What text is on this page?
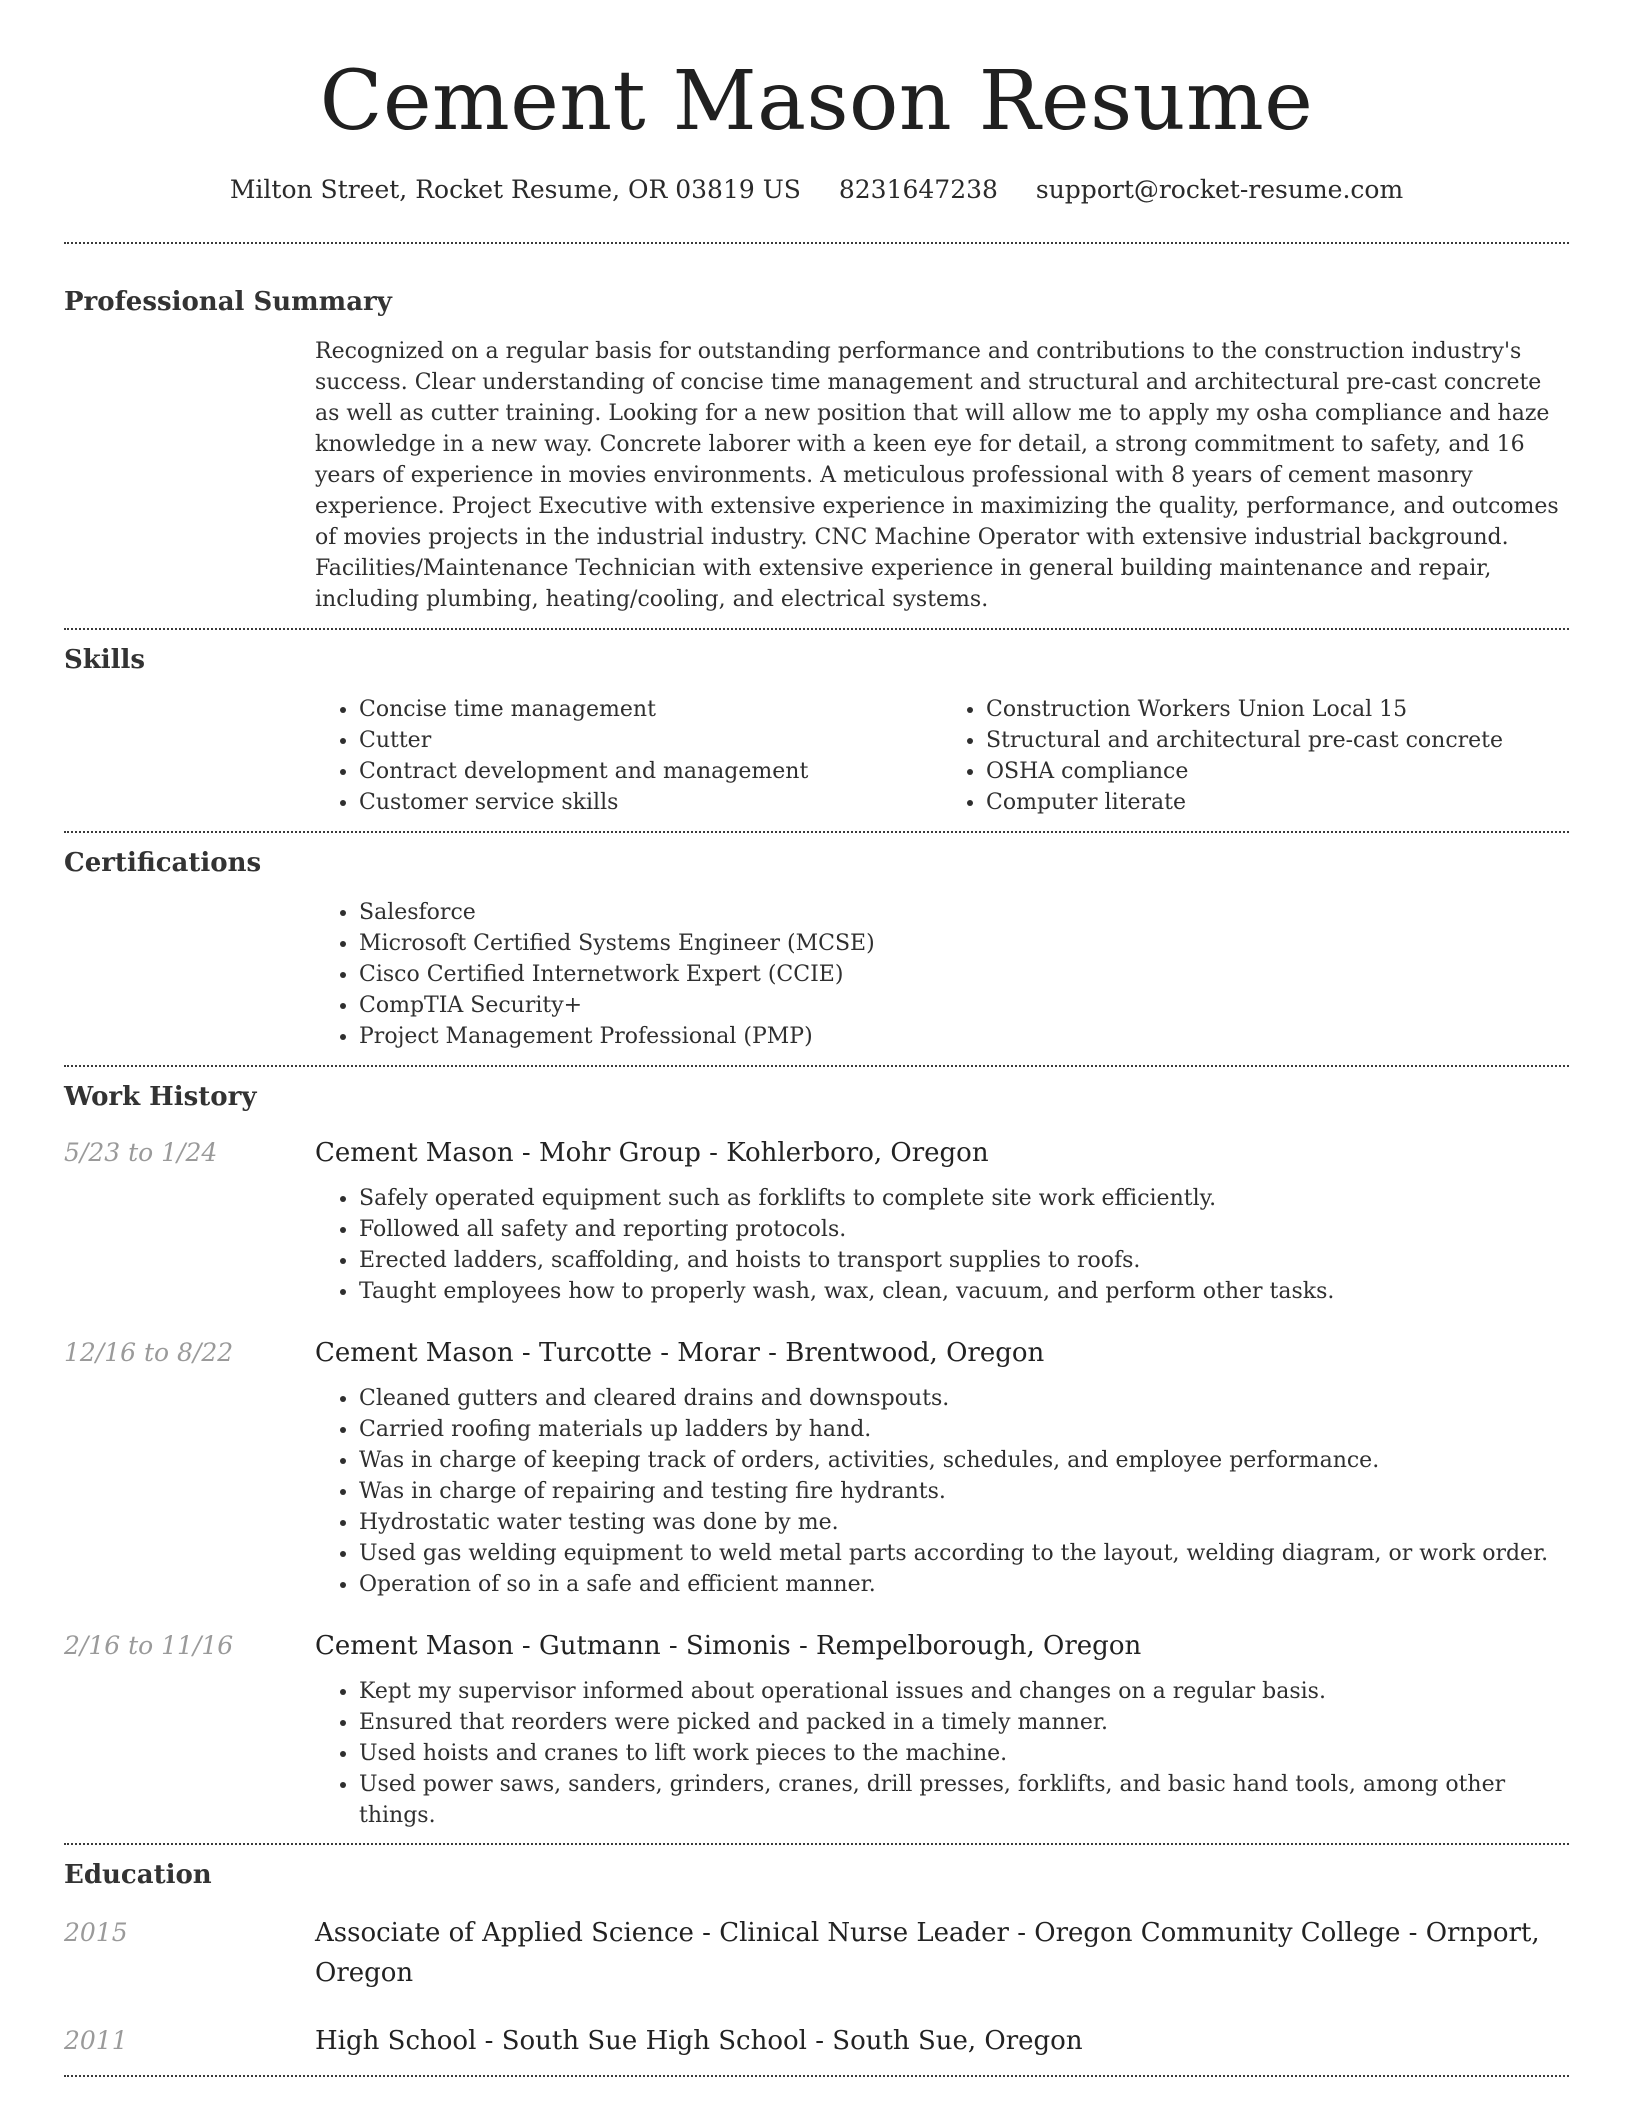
Cement Mason Resume
Milton Street, Rocket Resume, OR 03819 US 8231647238 support@rocket-resume.com
Professional Summary

Recognized on a regular basis for outstanding performance and contributions to the construction industry's success. Clear understanding of concise time management and structural and architectural pre-cast concrete as well as cutter training. Looking for a new position that will allow me to apply my osha compliance and haze knowledge in a new way. Concrete laborer with a keen eye for detail, a strong commitment to safety, and 16 years of experience in movies environments. A meticulous professional with 8 years of cement masonry experience. Project Executive with extensive experience in maximizing the quality, performance, and outcomes of movies projects in the industrial industry. CNC Machine Operator with extensive industrial background. Facilities/Maintenance Technician with extensive experience in general building maintenance and repair, including plumbing, heating/cooling, and electrical systems.

Skills
• Concise time management
• Cutter
• Contract development and management
• Customer service skills
• Construction Workers Union Local 15
• Structural and architectural pre-cast concrete
• OSHA compliance
• Computer literate
Certifications
• Salesforce
• Microsoft Certified Systems Engineer (MCSE)
• Cisco Certified Internetwork Expert (CCIE)
• CompTIA Security+
• Project Management Professional (PMP)
Work History
5/23 to 1/24	Cement Mason - Mohr Group - Kohlerboro, Oregon
• Safely operated equipment such as forklifts to complete site work efficiently.
• Followed all safety and reporting protocols.
• Erected ladders, scaffolding, and hoists to transport supplies to roofs.
• Taught employees how to properly wash, wax, clean, vacuum, and perform other tasks.
12/16 to 8/22	Cement Mason - Turcotte - Morar - Brentwood, Oregon
• Cleaned gutters and cleared drains and downspouts.
• Carried roofing materials up ladders by hand.
• Was in charge of keeping track of orders, activities, schedules, and employee performance.
• Was in charge of repairing and testing fire hydrants.
• Hydrostatic water testing was done by me.
• Used gas welding equipment to weld metal parts according to the layout, welding diagram, or work order.
• Operation of so in a safe and efficient manner.
2/16 to 11/16	Cement Mason - Gutmann - Simonis - Rempelborough, Oregon
• Kept my supervisor informed about operational issues and changes on a regular basis.
• Ensured that reorders were picked and packed in a timely manner.
• Used hoists and cranes to lift work pieces to the machine.
• Used power saws, sanders, grinders, cranes, drill presses, forklifts, and basic hand tools, among other things.
Education
2015	Associate of Applied Science - Clinical Nurse Leader - Oregon Community College - Ornport, Oregon
2011	High School - South Sue High School - South Sue, Oregon
